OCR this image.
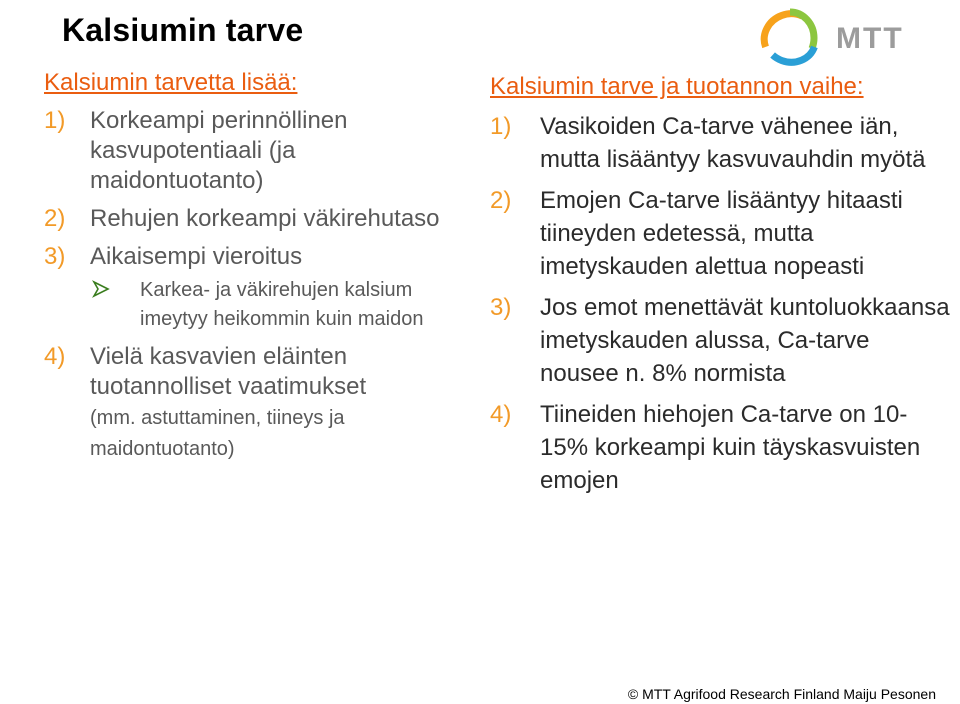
Kalsiumin tarve	MTT
Kalsiumin tarvetta lisää:
1)	Korkeampi perinnöllinen kasvupotentiaali (ja maidontuotanto)
2)	Rehujen korkeampi väkirehutaso
3)	Aikaisempi vieroitus
Karkea- ja väkirehujen kalsium imeytyy heikommin kuin maidon
4)	Vielä kasvavien eläinten tuotannolliset vaatimukset
(mm. astuttaminen, tiineys ja maidontuotanto)
Kalsiumin tarve ja tuotannon vaihe:
1)	Vasikoiden Ca-tarve vähenee iän, mutta lisääntyy kasvuvauhdin myötä
2)	Emojen Ca-tarve lisääntyy hitaasti tiineyden edetessä, mutta imetyskauden alettua nopeasti
3)	Jos emot menettävät kuntoluokkaansa imetyskauden alussa, Ca-tarve nousee n. 8% normista
4)	Tiineiden hiehojen Ca-tarve on 10-15% korkeampi kuin täyskasvuisten emojen
© MTT Agrifood Research Finland Maiju Pesonen
